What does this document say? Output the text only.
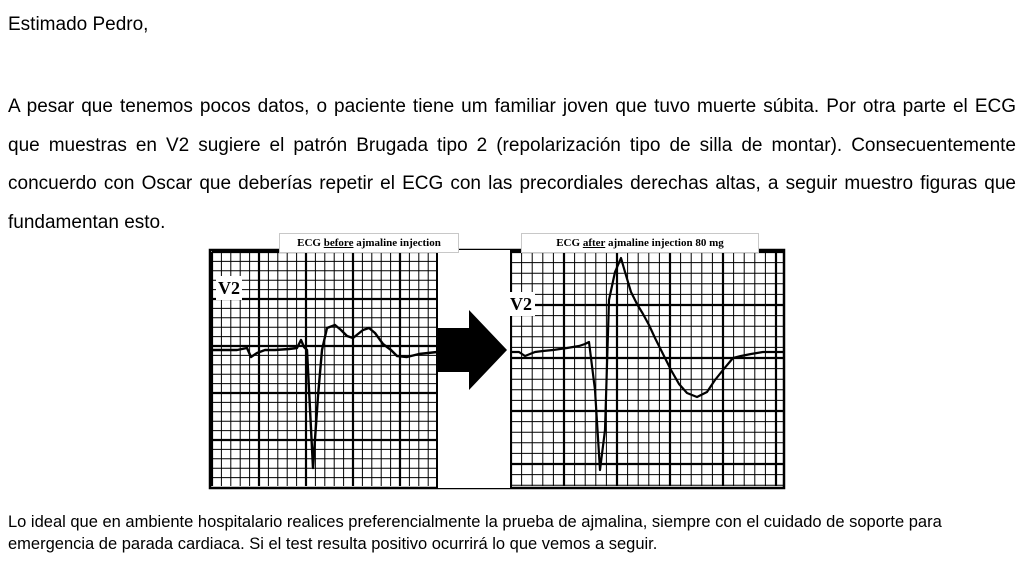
Estimado Pedro,

A pesar que tenemos pocos datos, o paciente tiene um familiar joven que tuvo muerte súbita. Por otra parte el ECG que muestras en V2 sugiere el patrón Brugada tipo 2 (repolarización tipo de silla de montar). Consecuentemente concuerdo con Oscar que deberías repetir el ECG con las precordiales derechas altas, a seguir muestro figuras que fundamentan esto.

ECG before ajmaline injection	ECG after ajmaline injection 80 mg
V2
V2

Lo ideal que en ambiente hospitalario realices preferencialmente la prueba de ajmalina, siempre con el cuidado de soporte para emergencia de parada cardiaca. Si el test resulta positivo ocurrirá lo que vemos a seguir.
